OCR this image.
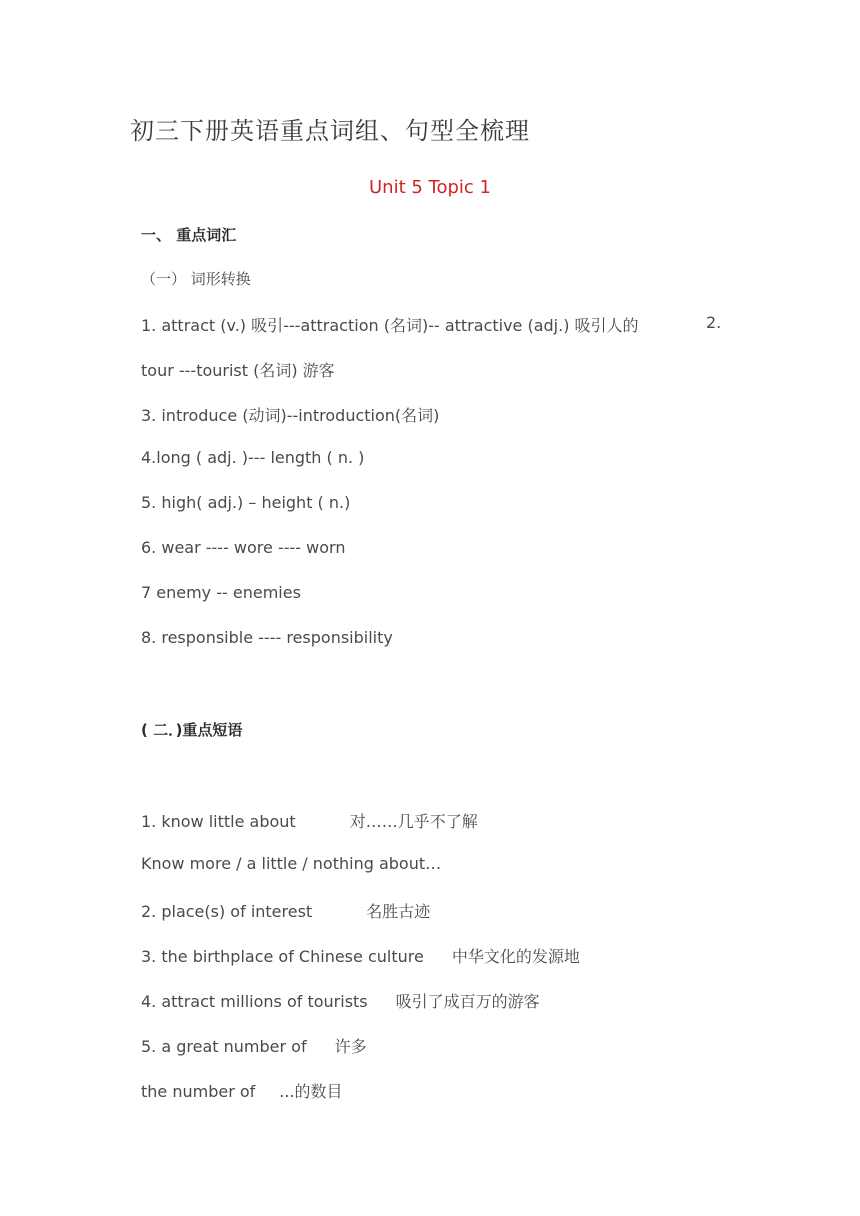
初三下册英语重点词组、句型全梳理
Unit 5 Topic 1
一、 重点词汇
（一） 词形转换
1. attract (v.) 吸引---attraction (名词)-- attractive (adj.) 吸引人的	2.
tour ---tourist (名词) 游客
3. introduce (动词)--introduction(名词)
4.long ( adj. )--- length ( n. )
5. high( adj.) – height ( n.)
6. wear ---- wore ---- worn
7 enemy -- enemies
8. responsible ---- responsibility
( 二．)重点短语
1. know little about	对……几乎不了解
Know more / a little / nothing about…
2. place(s) of interest	名胜古迹
3. the birthplace of Chinese culture 中华文化的发源地
4. attract millions of tourists 吸引了成百万的游客
5. a great number of 许多
the number of ...的数目
